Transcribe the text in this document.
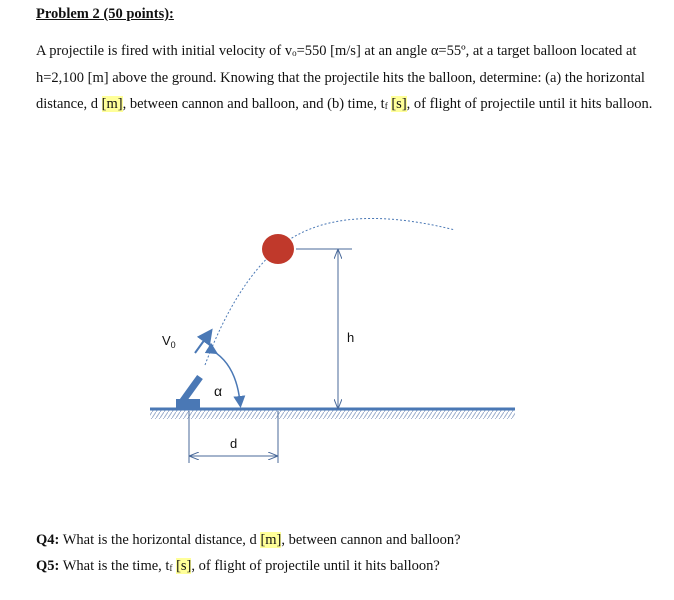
Problem 2 (50 points):
A projectile is fired with initial velocity of $v_o=550$ [m/s] at an angle α=55º, at a target balloon located at h=2,100 [m] above the ground. Knowing that the projectile hits the balloon, determine: (a) the horizontal distance, d [m], between cannon and balloon, and (b) time, $t_f$ [s], of flight of projectile until it hits balloon.
$V_0$
α
h
d
Q4: What is the horizontal distance, d [m], between cannon and balloon?
Q5: What is the time, $t_f$ [s], of flight of projectile until it hits balloon?
